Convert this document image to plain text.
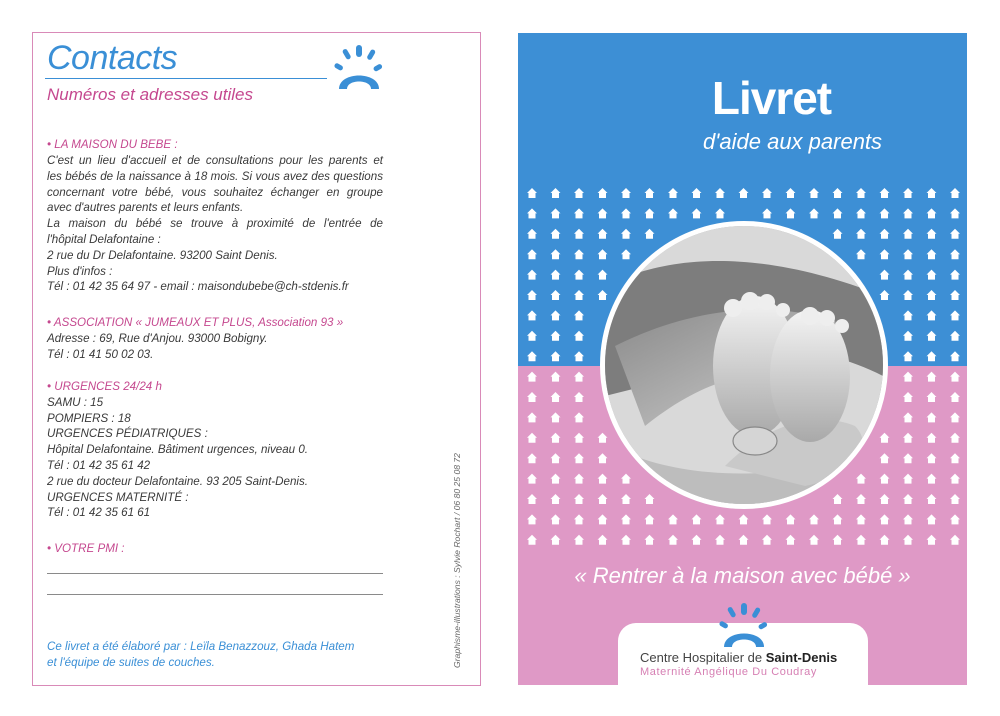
Contacts
Numéros et adresses utiles
• LA MAISON DU BEBE :
C'est un lieu d'accueil et de consultations pour les parents et
les bébés de la naissance à 18 mois. Si vous avez des questions
concernant votre bébé, vous souhaitez échanger en groupe
avec d'autres parents et leurs enfants.
La maison du bébé se trouve à proximité de l'entrée de
l'hôpital Delafontaine :
2 rue du Dr Delafontaine. 93200 Saint Denis.
Plus d'infos :
Tél : 01 42 35 64 97 - email : maisondubebe@ch-stdenis.fr
• ASSOCIATION « JUMEAUX ET PLUS, Association 93 »
Adresse : 69, Rue d'Anjou. 93000 Bobigny.
Tél : 01 41 50 02 03.
• URGENCES 24/24 h
SAMU : 15
POMPIERS : 18
URGENCES PÉDIATRIQUES :
Hôpital Delafontaine. Bâtiment urgences, niveau 0.
Tél : 01 42 35 61 42
2 rue du docteur Delafontaine. 93 205 Saint-Denis.
URGENCES MATERNITÉ :
Tél : 01 42 35 61 61
• VOTRE PMI :
Ce livret a été élaboré par : Leïla Benazzouz, Ghada Hatem
et l'équipe de suites de couches.	Graphisme-illustrations : Sylvie Rochart / 06 80 25 08 72
Livret
d'aide aux parents
« Rentrer à la maison avec bébé »
Centre Hospitalier de Saint-Denis
Maternité Angélique Du Coudray
